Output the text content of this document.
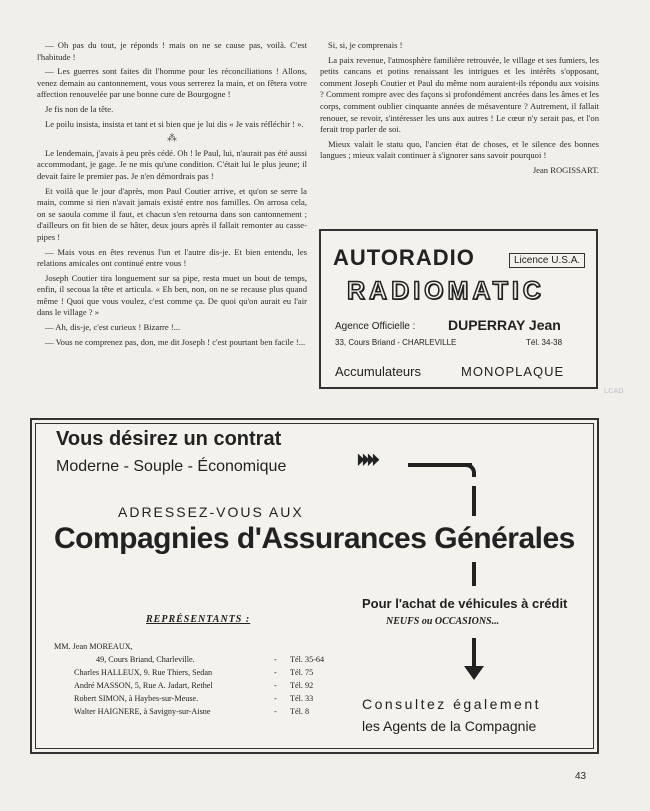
— Oh pas du tout, je réponds ! mais on ne se cause pas, voilà. C'est l'habitude !

— Les guerres sont faites dit l'homme pour les réconciliations ! Allons, venez demain au cantonnement, vous vous serrerez la main, et on fêtera votre affection renouvelée par une bonne cure de Bourgogne !

Je fis non de la tête.

Le poilu insista, insista et tant et si bien que je lui dis « Je vais réfléchir ! ».

⁂

Le lendemain, j'avais à peu près cédé. Oh ! le Paul, lui, n'aurait pas été aussi accommodant, je gage. Je ne mis qu'une condition. C'était lui le plus jeune; il devait faire le premier pas. Je n'en démordrais pas !

Et voilà que le jour d'après, mon Paul Coutier arrive, et qu'on se serre la main, comme si rien n'avait jamais existé entre nos familles. On arrosa cela, on se saoula comme il faut, et chacun s'en retourna dans son cantonnement ; d'ailleurs on fit bien de se hâter, deux jours après il fallait remonter au casse-pipes !

— Mais vous en êtes revenus l'un et l'autre dis-je. Et bien entendu, les relations amicales ont continué entre vous !

Joseph Coutier tira longuement sur sa pipe, resta muet un bout de temps, enfin, il secoua la tête et articula. « Eh ben, non, on ne se recause plus quand même ! Quoi que vous voulez, c'est comme ça. De quoi qu'on aurait eu l'air dans le village ? »

— Ah, dis-je, c'est curieux ! Bizarre !...

— Vous ne comprenez pas, don, me dit Joseph ! c'est pourtant ben facile !...

Si, si, je comprenais !

La paix revenue, l'atmosphère familière retrouvée, le village et ses fumiers, les petits cancans et potins renaissant les intrigues et les intérêts s'opposant, comment Joseph Coutier et Paul du même nom auraient-ils répondu aux voisins ? Comment rompre avec des façons si profondément ancrées dans les âmes et les corps, comment oublier cinquante années de mésaventure ? Autrement, il fallait renouer, se revoir, s'intéresser les uns aux autres ! Le cœur n'y serait pas, et l'on ferait trop parler de soi.

Mieux valait le statu quo, l'ancien état de choses, et le silence des bonnes langues ; mieux valait continuer à s'ignorer sans savoir pourquoi !

Jean ROGISSART.

AUTORADIO	Licence U.S.A.
RADIOMATIC
Agence Officielle : DUPERRAY Jean
33, Cours Briand - CHARLEVILLE	Tél. 34-38
Accumulateurs	MONOPLAQUE
LCAD
Vous désirez un contrat
Moderne - Souple - Économique	⏵⏵⏵⏵
ADRESSEZ-VOUS AUX
Compagnies d'Assurances Générales
Pour l'achat de véhicules à crédit
NEUFS ou OCCASIONS...
Consultez également
les Agents de la Compagnie
REPRÉSENTANTS :
MM. Jean MOREAUX,
49, Cours Briand, Charleville.	- Tél. 35-64
Charles HALLEUX, 9. Rue Thiers, Sedan	- Tél. 75
André MASSON, 5, Rue A. Jadart, Rethel	- Tél. 92
Robert SIMON, à Haybes-sur-Meuse.	- Tél. 33
Walter HAIGNERE, à Savigny-sur-Aisne	- Tél. 8
43
